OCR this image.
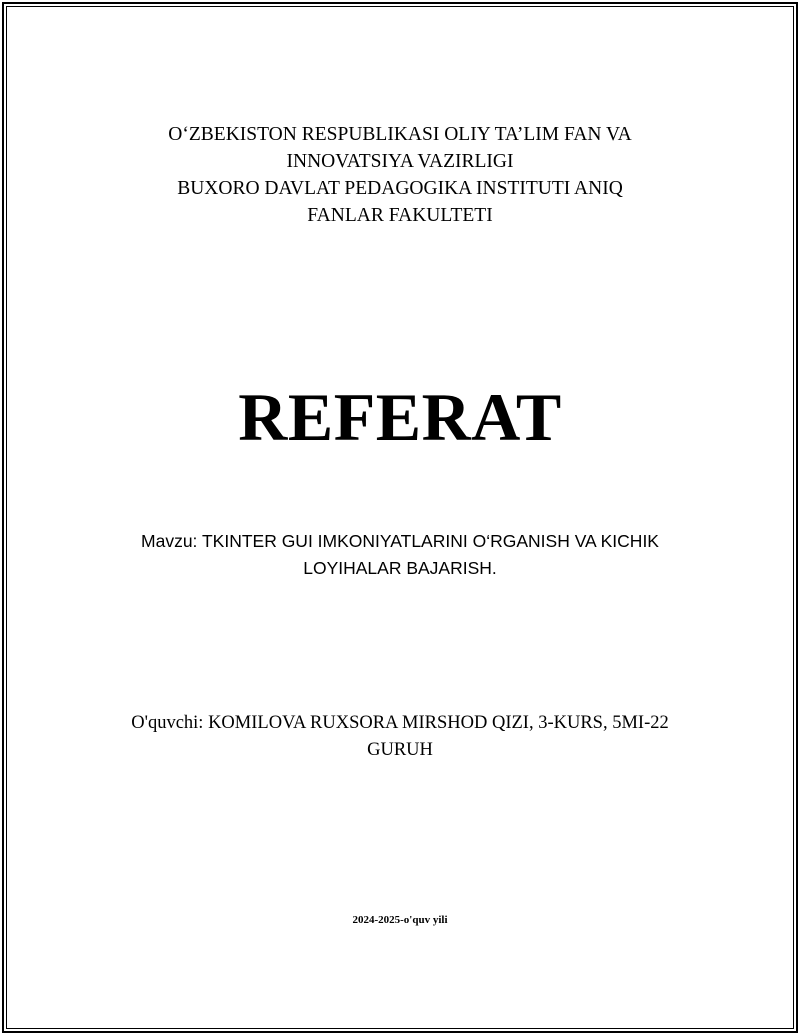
O‘ZBEKISTON RESPUBLIKASI OLIY TA’LIM FAN VA
INNOVATSIYA VAZIRLIGI
BUXORO DAVLAT PEDAGOGIKA INSTITUTI ANIQ
FANLAR FAKULTETI
REFERAT
Mavzu: TKINTER GUI IMKONIYATLARINI O‘RGANISH VA KICHIK
LOYIHALAR BAJARISH.
O'quvchi: KOMILOVA RUXSORA MIRSHOD QIZI, 3-KURS, 5MI-22
GURUH
2024-2025-o'quv yili
